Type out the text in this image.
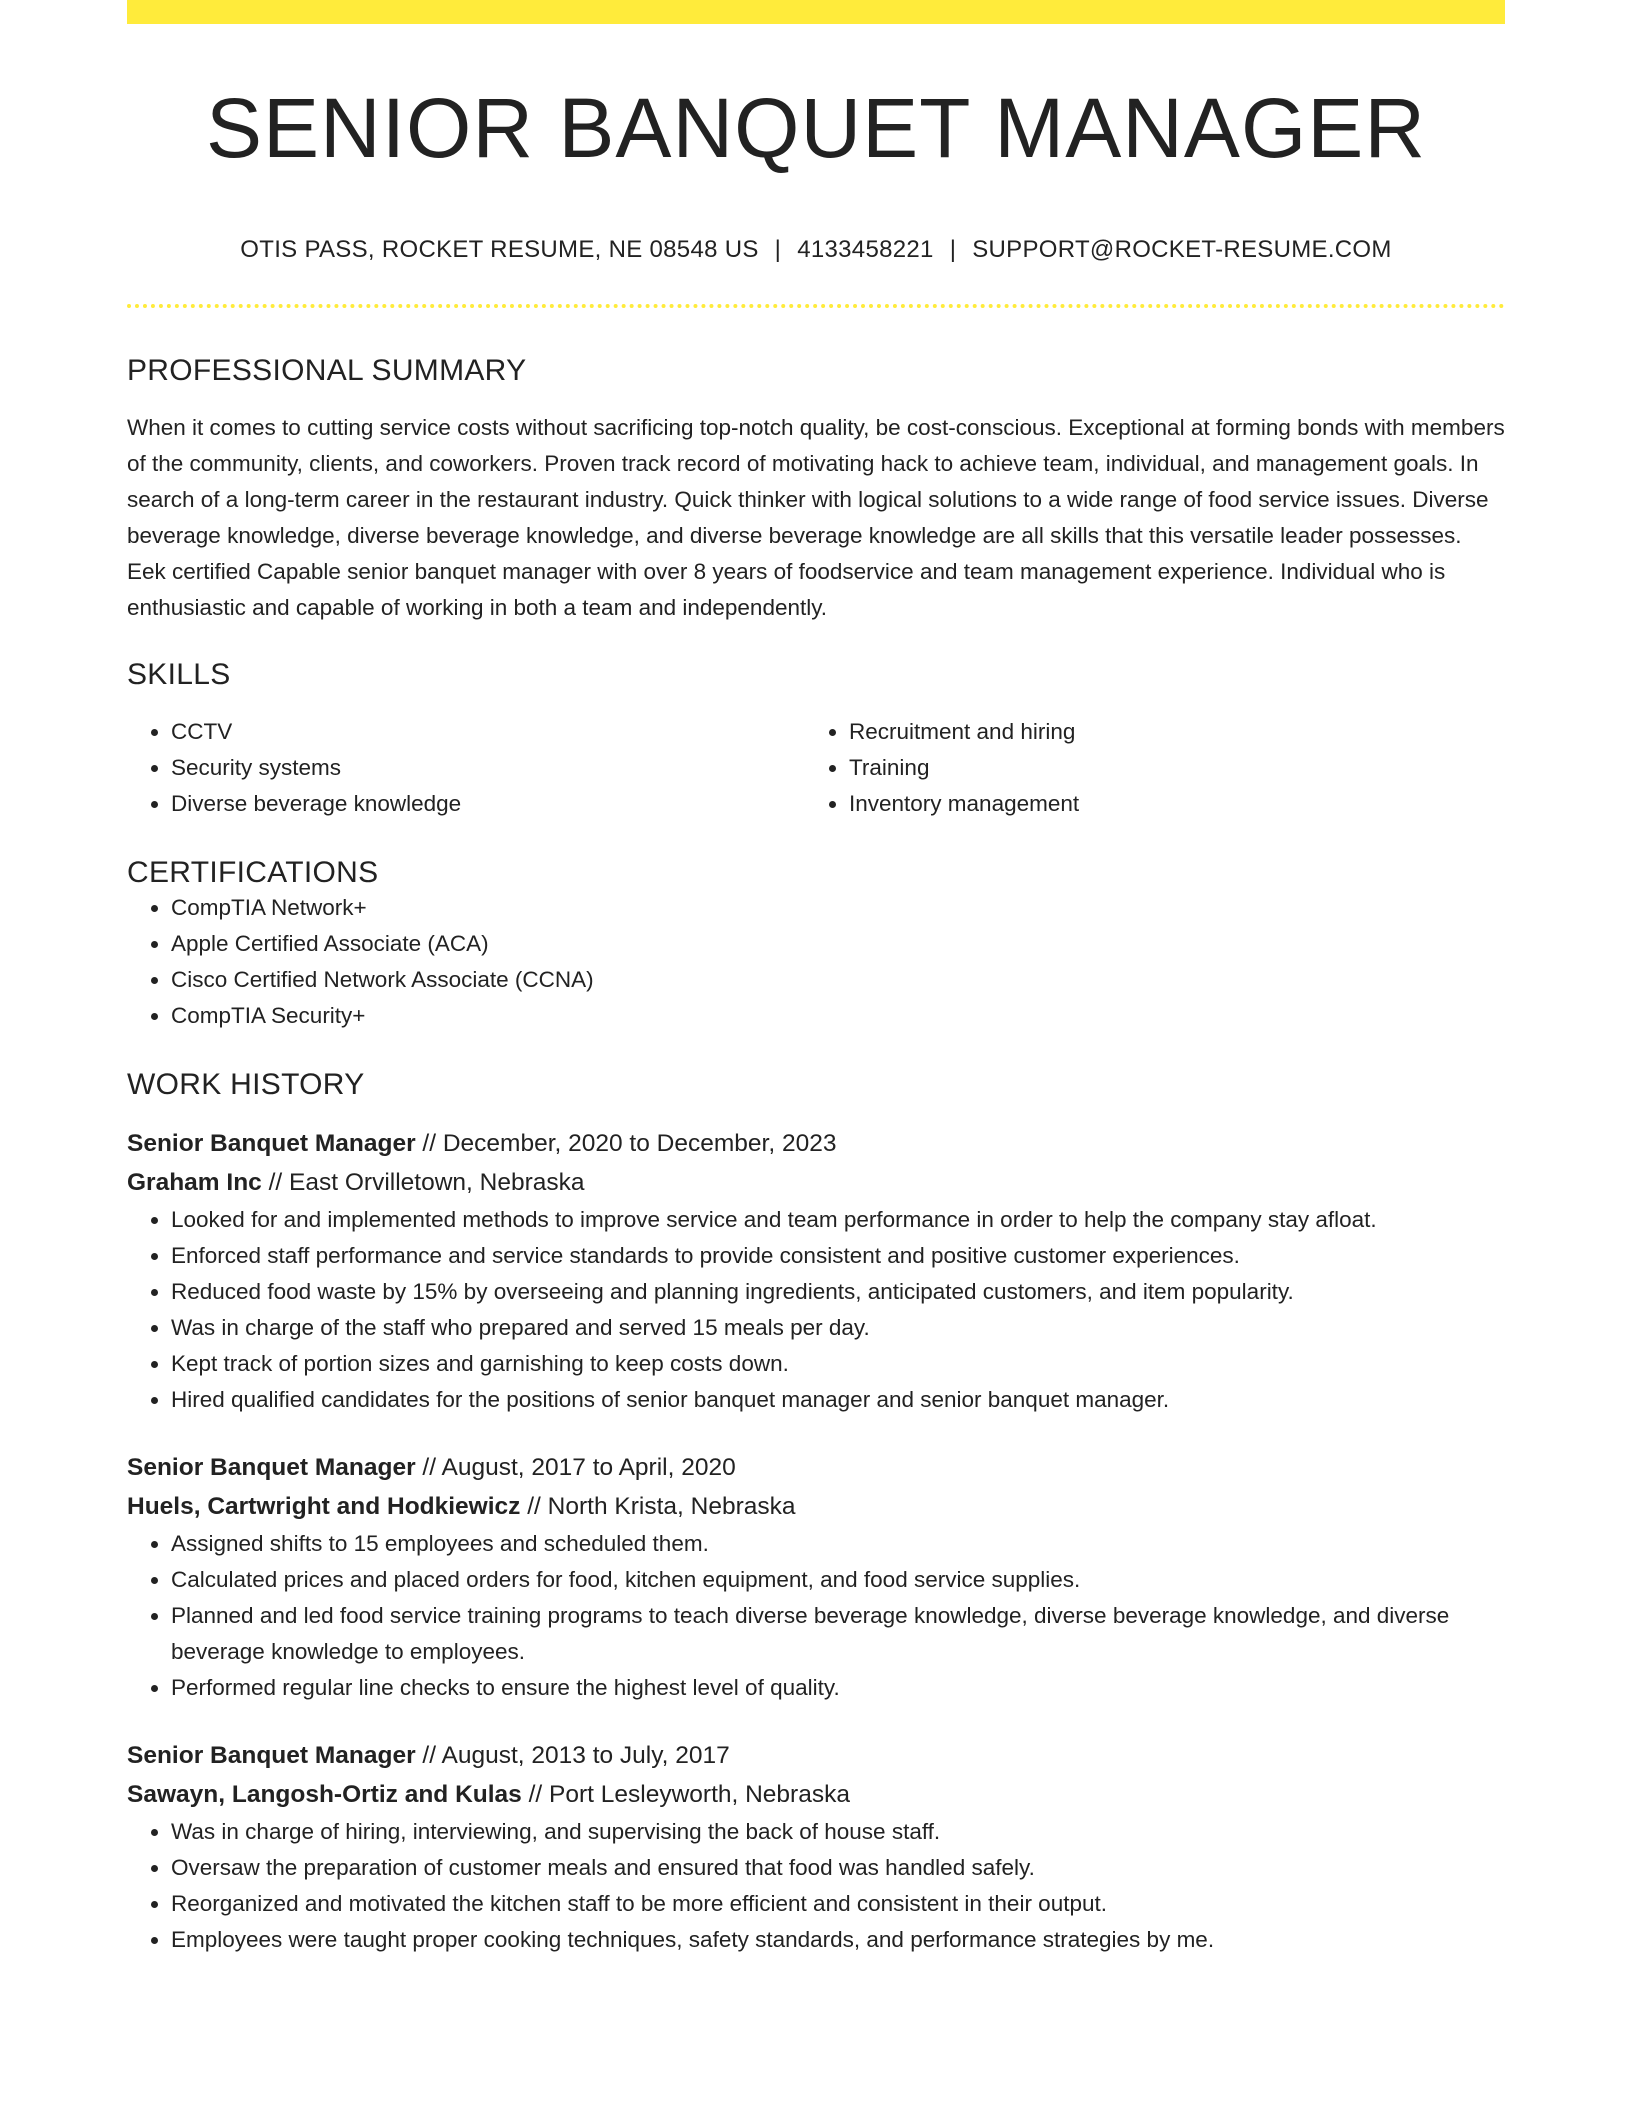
SENIOR BANQUET MANAGER
OTIS PASS, ROCKET RESUME, NE 08548 US | 4133458221 | SUPPORT@ROCKET-RESUME.COM
PROFESSIONAL SUMMARY

When it comes to cutting service costs without sacrificing top-notch quality, be cost-conscious. Exceptional at forming bonds with members of the community, clients, and coworkers. Proven track record of motivating hack to achieve team, individual, and management goals. In search of a long-term career in the restaurant industry. Quick thinker with logical solutions to a wide range of food service issues. Diverse beverage knowledge, diverse beverage knowledge, and diverse beverage knowledge are all skills that this versatile leader possesses. Eek certified Capable senior banquet manager with over 8 years of foodservice and team management experience. Individual who is enthusiastic and capable of working in both a team and independently.

SKILLS
• CCTV
• Security systems
• Diverse beverage knowledge
• Recruitment and hiring
• Training
• Inventory management
CERTIFICATIONS
• CompTIA Network+
• Apple Certified Associate (ACA)
• Cisco Certified Network Associate (CCNA)
• CompTIA Security+
WORK HISTORY
Senior Banquet Manager // December, 2020 to December, 2023
Graham Inc // East Orvilletown, Nebraska
• Looked for and implemented methods to improve service and team performance in order to help the company stay afloat.
• Enforced staff performance and service standards to provide consistent and positive customer experiences.
• Reduced food waste by 15% by overseeing and planning ingredients, anticipated customers, and item popularity.
• Was in charge of the staff who prepared and served 15 meals per day.
• Kept track of portion sizes and garnishing to keep costs down.
• Hired qualified candidates for the positions of senior banquet manager and senior banquet manager.
Senior Banquet Manager // August, 2017 to April, 2020
Huels, Cartwright and Hodkiewicz // North Krista, Nebraska
• Assigned shifts to 15 employees and scheduled them.
• Calculated prices and placed orders for food, kitchen equipment, and food service supplies.
• Planned and led food service training programs to teach diverse beverage knowledge, diverse beverage knowledge, and diverse beverage knowledge to employees.
• Performed regular line checks to ensure the highest level of quality.
Senior Banquet Manager // August, 2013 to July, 2017
Sawayn, Langosh-Ortiz and Kulas // Port Lesleyworth, Nebraska
• Was in charge of hiring, interviewing, and supervising the back of house staff.
• Oversaw the preparation of customer meals and ensured that food was handled safely.
• Reorganized and motivated the kitchen staff to be more efficient and consistent in their output.
• Employees were taught proper cooking techniques, safety standards, and performance strategies by me.
